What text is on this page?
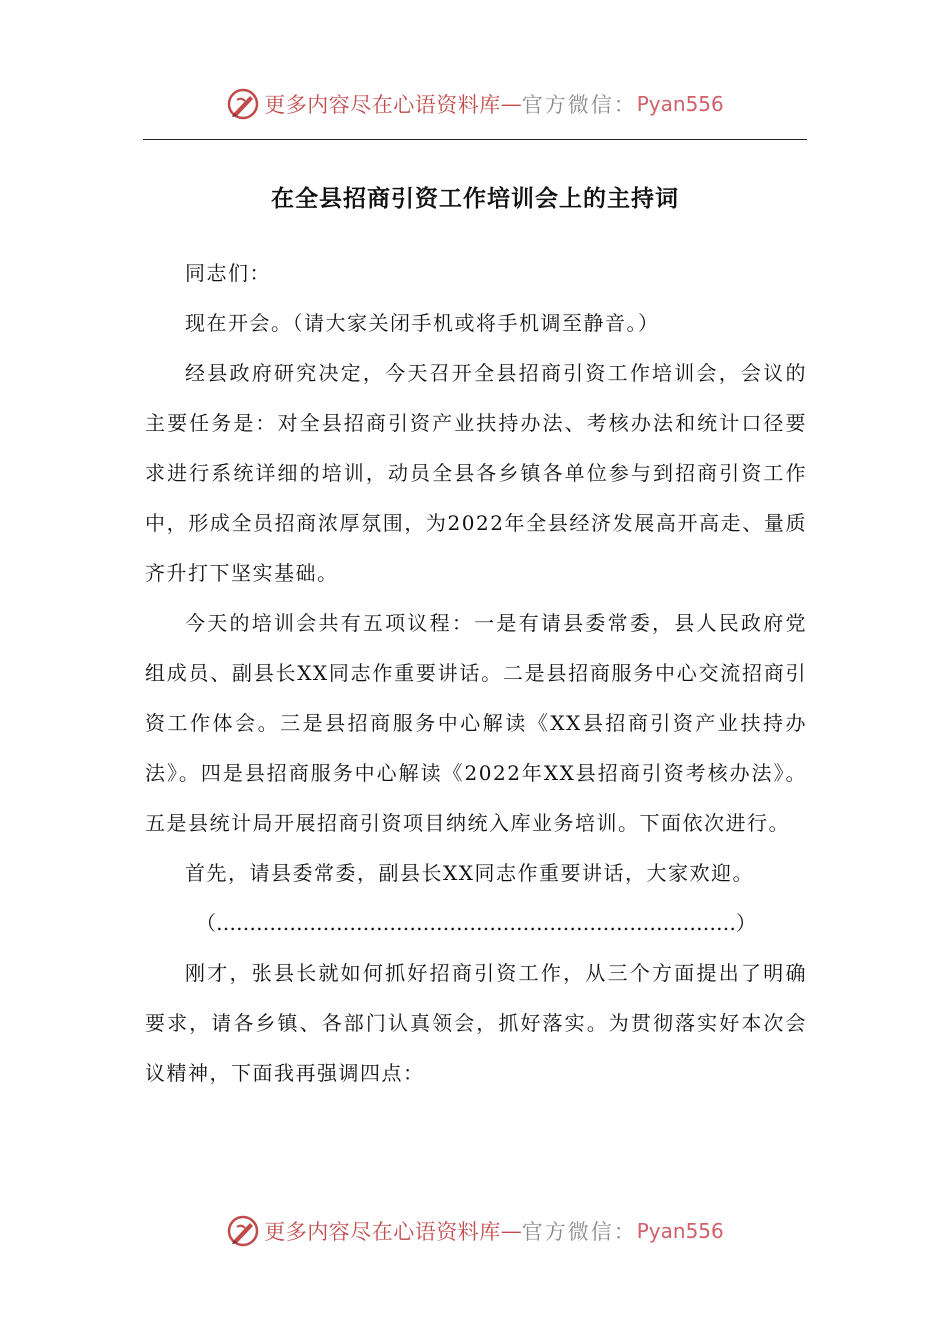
更多内容尽在心语资料库 — 官方微信： Pyan556
在全县招商引资工作培训会上的主持词

同志们：

现在开会。（请大家关闭手机或将手机调至静音。）

经县政府研究决定，今天召开全县招商引资工作培训会，会议的主要任务是：对全县招商引资产业扶持办法、考核办法和统计口径要求进行系统详细的培训，动员全县各乡镇各单位参与到招商引资工作中，形成全员招商浓厚氛围，为2022年全县经济发展高开高走、量质齐升打下坚实基础。

今天的培训会共有五项议程：一是有请县委常委，县人民政府党组成员、副县长XX同志作重要讲话。二是县招商服务中心交流招商引资工作体会。三是县招商服务中心解读《XX县招商引资产业扶持办法》。四是县招商服务中心解读《2022年XX县招商引资考核办法》。五是县统计局开展招商引资项目纳统入库业务培训。下面依次进行。

首先，请县委常委，副县长XX同志作重要讲话，大家欢迎。

（……………………………………………………………………）

刚才，张县长就如何抓好招商引资工作，从三个方面提出了明确要求，请各乡镇、各部门认真领会，抓好落实。为贯彻落实好本次会议精神，下面我再强调四点：

更多内容尽在心语资料库 — 官方微信： Pyan556
